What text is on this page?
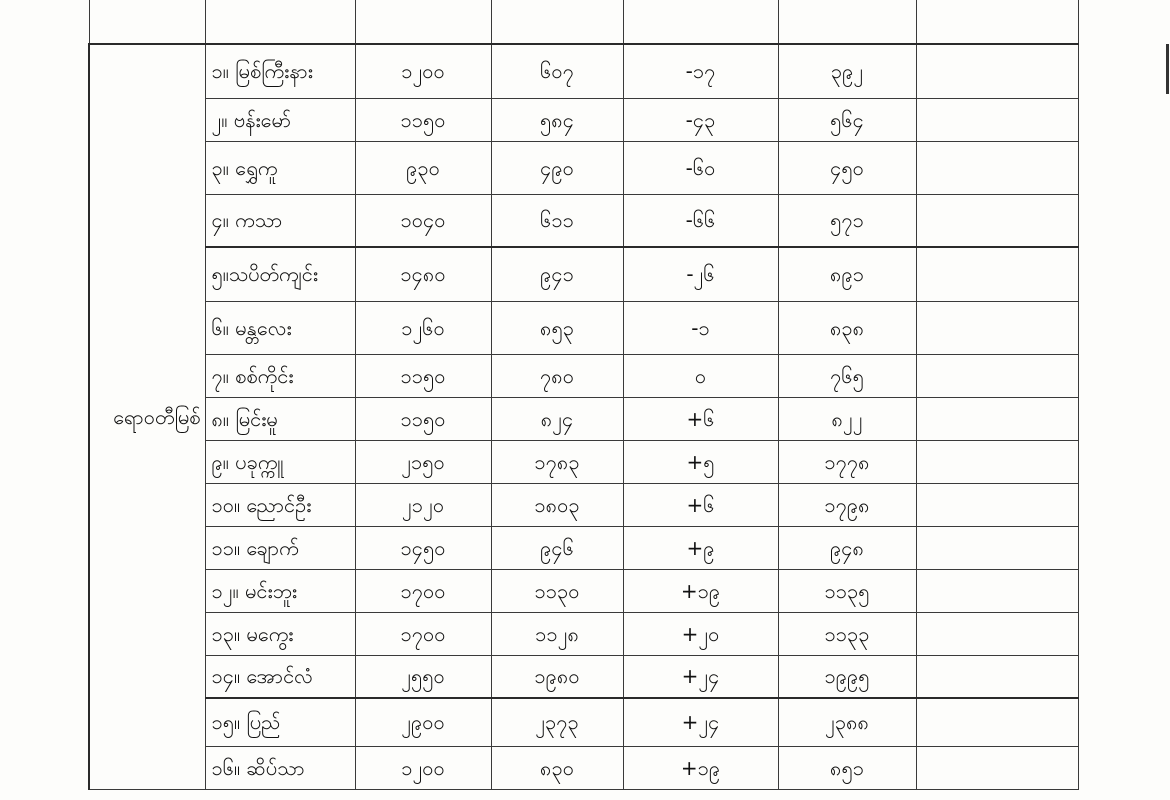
ရောဝတီမြစ်	၁။ မြစ်ကြီးနား	၁၂၀၀	၆၀၇	-၁၇	၃၉၂	
	၂။ ဗန်းမော်	၁၁၅၀	၅၈၄	-၄၃	၅၆၄	
	၃။ ရွှေကူ	၉၃၀	၄၉၀	-၆၀	၄၅၀	
	၄။ ကသာ	၁၀၄၀	၆၁၁	-၆၆	၅၇၁	
	၅။သပိတ်ကျင်း	၁၄၈၀	၉၄၁	-၂၆	၈၉၁	
	၆။ မန္တလေး	၁၂၆၀	၈၅၃	-၁	၈၃၈	
	၇။ စစ်ကိုင်း	၁၁၅၀	၇၈၀	၀	၇၆၅	
	၈။ မြင်းမူ	၁၁၅၀	၈၂၄	+၆	၈၂၂	
	၉။ ပခုက္ကူ	၂၁၅၀	၁၇၈၃	+၅	၁၇၇၈	
	၁၀။ ညောင်ဦး	၂၁၂၀	၁၈၀၃	+၆	၁၇၉၈	
	၁၁။ ချောက်	၁၄၅၀	၉၄၆	+၉	၉၄၈	
	၁၂။ မင်းဘူး	၁၇၀၀	၁၁၃၀	+၁၉	၁၁၃၅	
	၁၃။ မကွေး	၁၇၀၀	၁၁၂၈	+၂၀	၁၁၃၃	
	၁၄။ အောင်လံ	၂၅၅၀	၁၉၈၀	+၂၄	၁၉၉၅	
	၁၅။ ပြည်	၂၉၀၀	၂၃၇၃	+၂၄	၂၃၈၈	
	၁၆။ ဆိပ်သာ	၁၂၀၀	၈၃၀	+၁၉	၈၅၁	
